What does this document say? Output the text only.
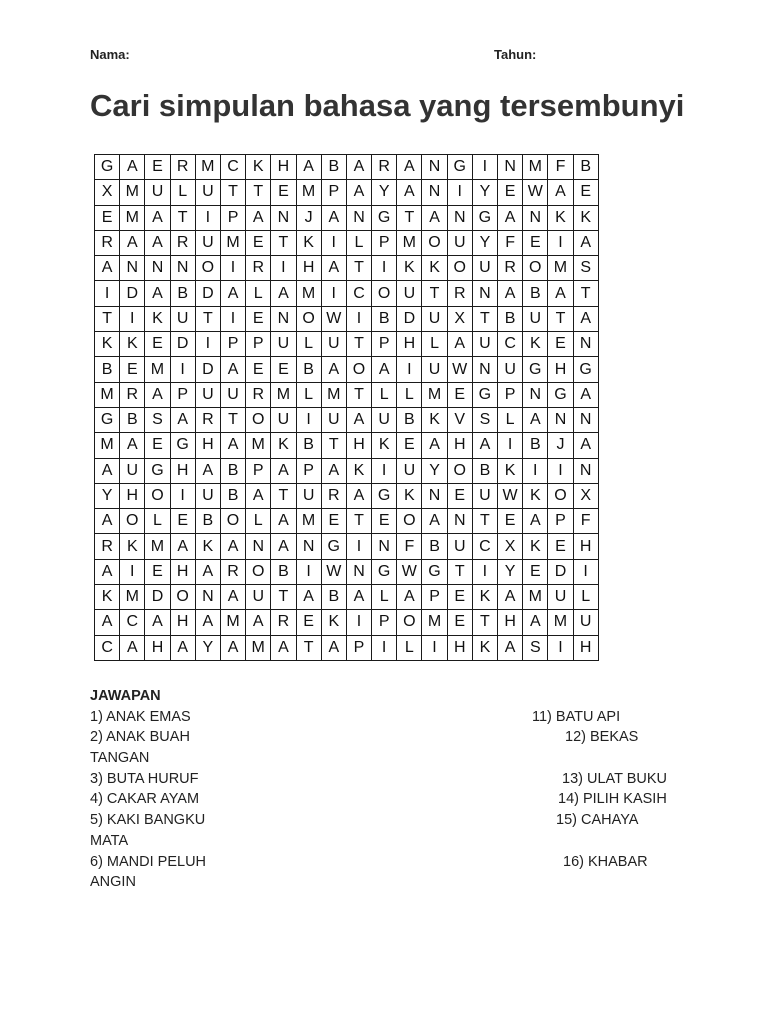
Nama:	Tahun:
Cari simpulan bahasa yang tersembunyi
G	A	E	R	M	C	K	H	A	B	A	R	A	N	G	I	N	M	F	B
X	M	U	L	U	T	T	E	M	P	A	Y	A	N	I	Y	E	W	A	E
E	M	A	T	I	P	A	N	J	A	N	G	T	A	N	G	A	N	K	K
R	A	A	R	U	M	E	T	K	I	L	P	M	O	U	Y	F	E	I	A
A	N	N	N	O	I	R	I	H	A	T	I	K	K	O	U	R	O	M	S
I	D	A	B	D	A	L	A	M	I	C	O	U	T	R	N	A	B	A	T
T	I	K	U	T	I	E	N	O	W	I	B	D	U	X	T	B	U	T	A
K	K	E	D	I	P	P	U	L	U	T	P	H	L	A	U	C	K	E	N
B	E	M	I	D	A	E	E	B	A	O	A	I	U	W	N	U	G	H	G
M	R	A	P	U	U	R	M	L	M	T	L	L	M	E	G	P	N	G	A
G	B	S	A	R	T	O	U	I	U	A	U	B	K	V	S	L	A	N	N
M	A	E	G	H	A	M	K	B	T	H	K	E	A	H	A	I	B	J	A
A	U	G	H	A	B	P	A	P	A	K	I	U	Y	O	B	K	I	I	N
Y	H	O	I	U	B	A	T	U	R	A	G	K	N	E	U	W	K	O	X
A	O	L	E	B	O	L	A	M	E	T	E	O	A	N	T	E	A	P	F
R	K	M	A	K	A	N	A	N	G	I	N	F	B	U	C	X	K	E	H
A	I	E	H	A	R	O	B	I	W	N	G	W	G	T	I	Y	E	D	I
K	M	D	O	N	A	U	T	A	B	A	L	A	P	E	K	A	M	U	L
A	C	A	H	A	M	A	R	E	K	I	P	O	M	E	T	H	A	M	U
C	A	H	A	Y	A	M	A	T	A	P	I	L	I	H	K	A	S	I	H
JAWAPAN
1) ANAK EMAS	11) BATU API
2) ANAK BUAH	12) BEKAS
TANGAN
3) BUTA HURUF	13) ULAT BUKU
4) CAKAR AYAM	14) PILIH KASIH
5) KAKI BANGKU	15) CAHAYA
MATA
6) MANDI PELUH	16) KHABAR
ANGIN
